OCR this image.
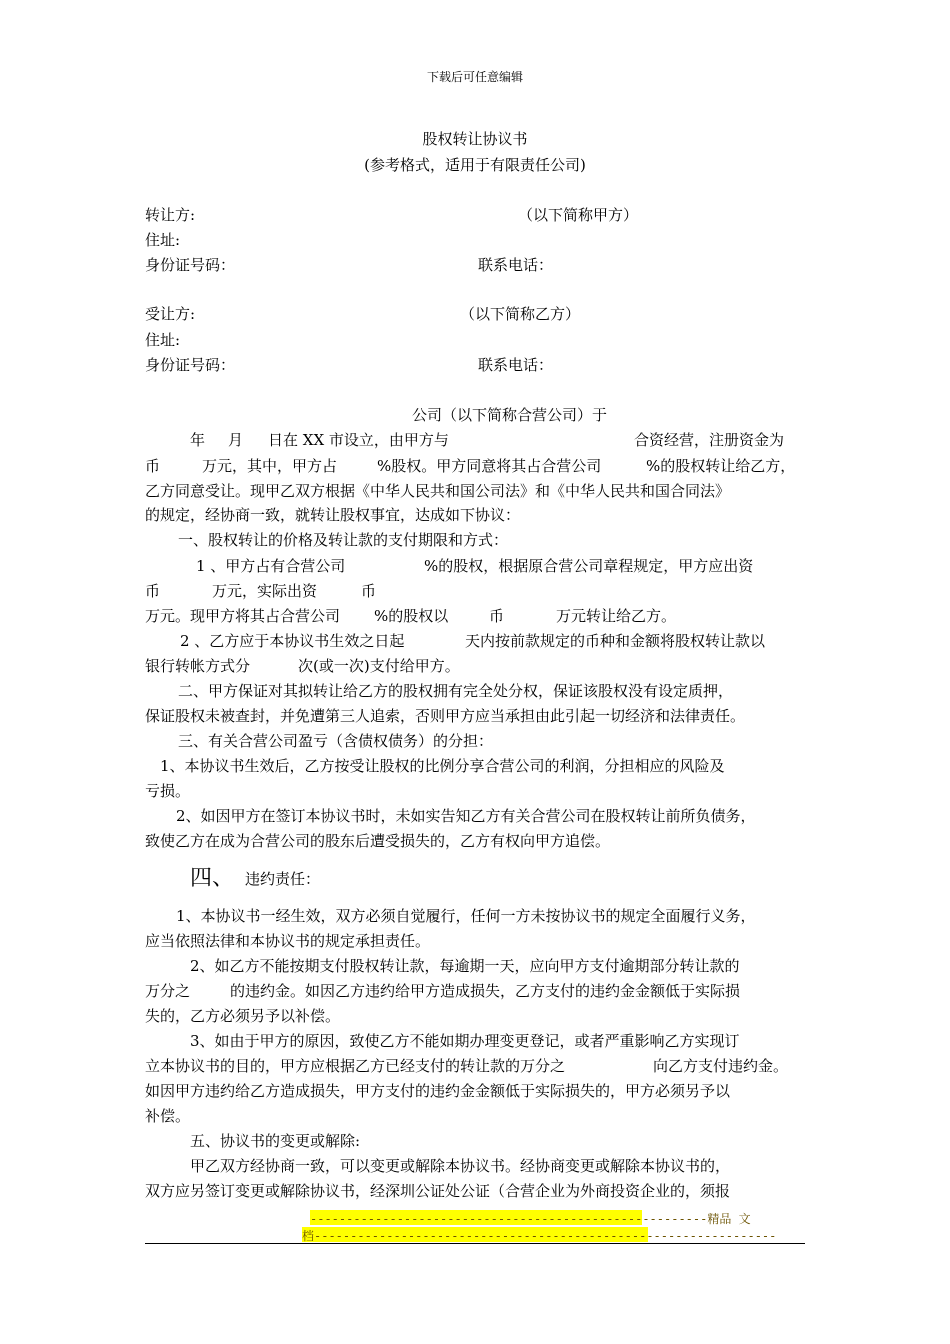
下载后可任意编辑
股权转让协议书
(参考格式，适用于有限责任公司)
转让方:	（以下简称甲方）
住址:
身份证号码：	联系电话：
受让方:	（以下简称乙方）
住址:
身份证号码：	联系电话：
公司（以下简称合营公司）于
年 月 日在 XX 市设立，由甲方与	合资经营，注册资金为
币	万元，其中，甲方占	%股权。甲方同意将其占合营公司	%的股权转让给乙方，
乙方同意受让。现甲乙双方根据《中华人民共和国公司法》和《中华人民共和国合同法》
的规定，经协商一致，就转让股权事宜，达成如下协议：
一、股权转让的价格及转让款的支付期限和方式：
1 、甲方占有合营公司	%的股权，根据原合营公司章程规定，甲方应出资
币	万元，实际出资	币
万元。现甲方将其占合营公司 %的股权以	币	万元转让给乙方。
2 、乙方应于本协议书生效之日起	天内按前款规定的币种和金额将股权转让款以
银行转帐方式分	次(或一次)支付给甲方。
二、甲方保证对其拟转让给乙方的股权拥有完全处分权，保证该股权没有设定质押，
保证股权未被查封，并免遭第三人追索，否则甲方应当承担由此引起一切经济和法律责任。
三、有关合营公司盈亏（含债权债务）的分担：
1、本协议书生效后，乙方按受让股权的比例分享合营公司的利润，分担相应的风险及
亏损。
2、如因甲方在签订本协议书时，未如实告知乙方有关合营公司在股权转让前所负债务，
致使乙方在成为合营公司的股东后遭受损失的，乙方有权向甲方追偿。
四、 违约责任：
1、本协议书一经生效，双方必须自觉履行，任何一方未按协议书的规定全面履行义务，
应当依照法律和本协议书的规定承担责任。
2、如乙方不能按期支付股权转让款，每逾期一天，应向甲方支付逾期部分转让款的
万分之	的违约金。如因乙方违约给甲方造成损失，乙方支付的违约金金额低于实际损
失的，乙方必须另予以补偿。
3、如由于甲方的原因，致使乙方不能如期办理变更登记，或者严重影响乙方实现订
立本协议书的目的，甲方应根据乙方已经支付的转让款的万分之	向乙方支付违约金。
如因甲方违约给乙方造成损失，甲方支付的违约金金额低于实际损失的，甲方必须另予以
补偿。
五、协议书的变更或解除:
甲乙双方经协商一致，可以变更或解除本协议书。经协商变更或解除本协议书的，
双方应另签订变更或解除协议书，经深圳公证处公证（合营企业为外商投资企业的，须报
-------------------------------------------------------精品 文
档----------------------------------------------------------------
